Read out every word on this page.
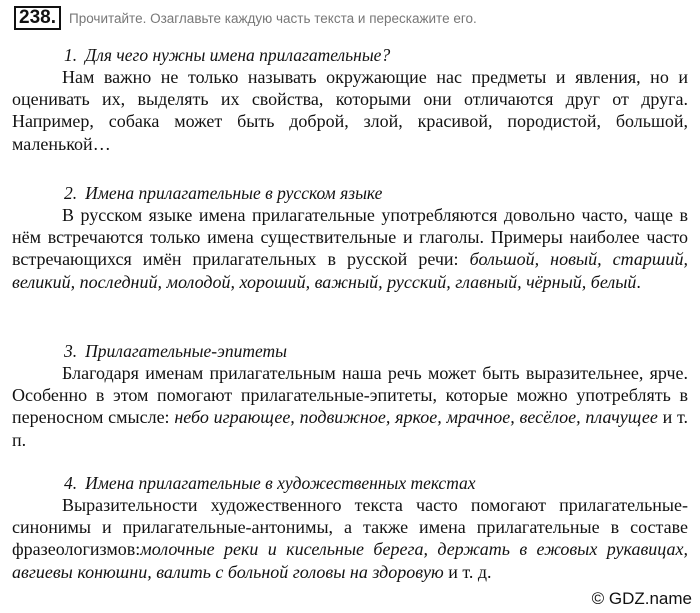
238. Прочитайте. Озаглавьте каждую часть текста и перескажите его.
1. Для чего нужны имена прилагательные?

Нам важно не только называть окружающие нас предметы и явления, но и оценивать их, выделять их свойства, которыми они отличаются друг от друга. Например, собака может быть доброй, злой, красивой, породистой, большой, маленькой…

2. Имена прилагательные в русском языке

В русском языке имена прилагательные употребляются довольно часто, чаще в нём встречаются только имена существительные и глаголы. Примеры наиболее часто встречающихся имён прилагательных в русской речи: большой, новый, старший, великий, последний, молодой, хороший, важный, русский, главный, чёрный, белый.

3. Прилагательные-эпитеты

Благодаря именам прилагательным наша речь может быть выразительнее, ярче. Особенно в этом помогают прилагательные-эпитеты, которые можно употреблять в переносном смысле: небо играющее, подвижное, яркое, мрачное, весёлое, плачущее и т. п.

4. Имена прилагательные в художественных текстах

Выразительности художественного текста часто помогают прилагательные-синонимы и прилагательные-антонимы, а также имена прилагательные в составе фразеологизмов:молочные реки и кисельные берега, держать в ежовых рукавицах, авгиевы конюшни, валить с больной головы на здоровую и т. д.

© GDZ.name
